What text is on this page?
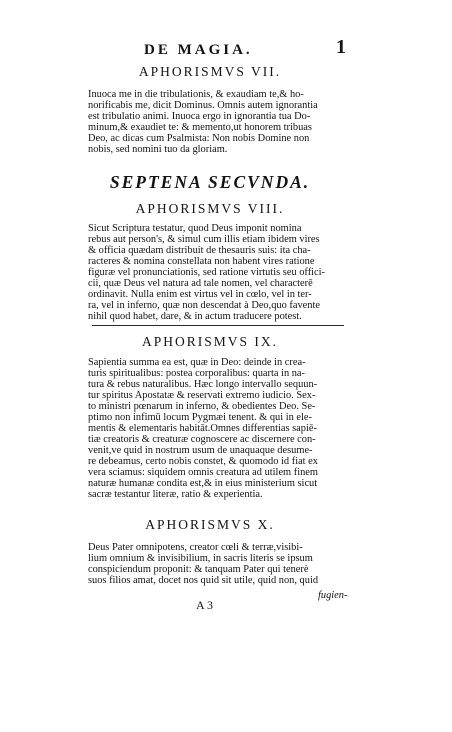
DE MAGIA.	1
APHORISMVS VII.
Inuoca me in die tribulationis, & exaudiam te,& ho-
norificabis me, dicit Dominus. Omnis autem ignorantia
est tribulatio animi. Inuoca ergo in ignorantia tua Do-
minum,& exaudiet te: & memento,ut honorem tribuas
Deo, ac dicas cum Psalmista: Non nobis Domine non
nobis, sed nomini tuo da gloriam.
SEPTENA SECVNDA.
APHORISMVS VIII.
Sicut Scriptura testatur, quod Deus imponit nomina
rebus aut person's, & simul cum illis etiam ibidem vires
& officia quædam distribuit de thesauris suis: ita cha-
racteres & nomina constellata non habent vires ratione
figuræ vel pronunciationis, sed ratione virtutis seu offici-
cii, quæ Deus vel natura ad tale nomen, vel characterē
ordinavit. Nulla enim est virtus vel in cœlo, vel in ter-
ra, vel in inferno, quæ non descendat à Deo,quo favente
nihil quod habet, dare, & in actum traducere potest.
APHORISMVS IX.
Sapientia summa ea est, quæ in Deo: deinde in crea-
turis spiritualibus: postea corporalibus: quarta in na-
tura & rebus naturalibus. Hæc longo intervallo sequun-
tur spiritus Apostatæ & reservati extremo iudicio. Sex-
to ministri pœnarum in inferno, & obedientes Deo. Se-
ptimo non infimū locum Pygmæi tenent. & qui in ele-
mentis & elementaris habitāt.Omnes differentias sapiē-
tiæ creatoris & creaturæ cognoscere ac discernere con-
venit,ve quid in nostrum usum de unaquaque desume-
re debeamus, certo nobis constet, & quomodo id fiat ex
vera sciamus: siquidem omnis creatura ad utilem finem
naturæ humanæ condita est,& in eius ministerium sicut
sacræ testantur literæ, ratio & experientia.
APHORISMVS X.
Deus Pater omnipotens, creator cœli & terræ,visibi-
lium omnium & invisibilium, in sacris literis se ipsum
conspiciendum proponit: & tanquam Pater qui tenerè
suos filios amat, docet nos quid sit utile, quid non, quid
fugien-
A 3
